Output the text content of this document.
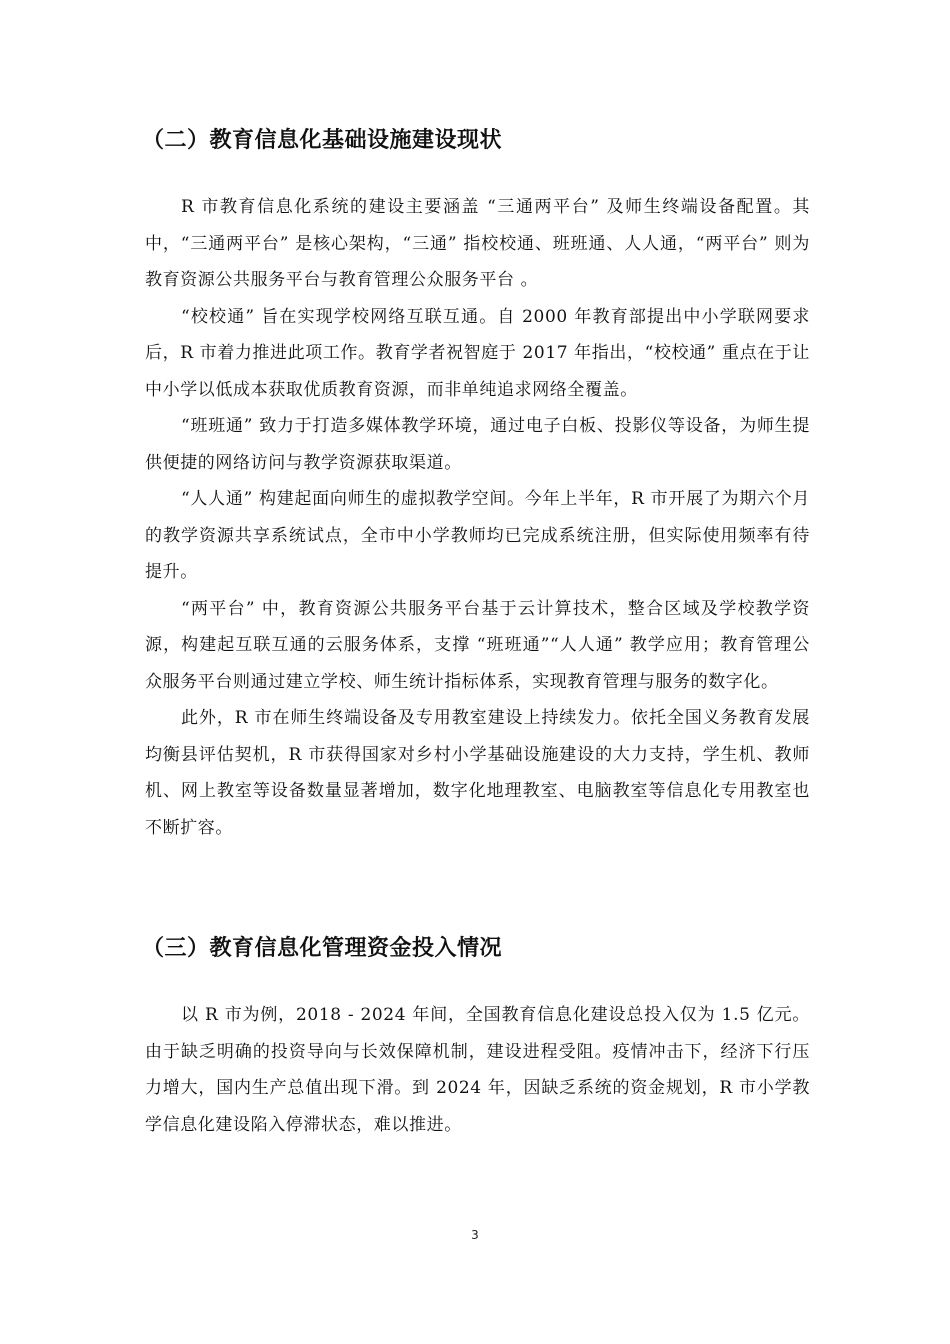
（二）教育信息化基础设施建设现状

R 市教育信息化系统的建设主要涵盖 “三通两平台” 及师生终端设备配置。其中，“三通两平台” 是核心架构，“三通” 指校校通、班班通、人人通，“两平台” 则为教育资源公共服务平台与教育管理公众服务平台 。

“校校通” 旨在实现学校网络互联互通。自 2000 年教育部提出中小学联网要求后，R 市着力推进此项工作。教育学者祝智庭于 2017 年指出，“校校通” 重点在于让中小学以低成本获取优质教育资源，而非单纯追求网络全覆盖。

“班班通” 致力于打造多媒体教学环境，通过电子白板、投影仪等设备，为师生提供便捷的网络访问与教学资源获取渠道。

“人人通” 构建起面向师生的虚拟教学空间。今年上半年，R 市开展了为期六个月的教学资源共享系统试点，全市中小学教师均已完成系统注册，但实际使用频率有待提升。

“两平台” 中，教育资源公共服务平台基于云计算技术，整合区域及学校教学资源，构建起互联互通的云服务体系，支撑 “班班通”“人人通” 教学应用；教育管理公众服务平台则通过建立学校、师生统计指标体系，实现教育管理与服务的数字化。

此外，R 市在师生终端设备及专用教室建设上持续发力。依托全国义务教育发展均衡县评估契机，R 市获得国家对乡村小学基础设施建设的大力支持，学生机、教师机、网上教室等设备数量显著增加，数字化地理教室、电脑教室等信息化专用教室也不断扩容。

（三）教育信息化管理资金投入情况

以 R 市为例，2018 - 2024 年间，全国教育信息化建设总投入仅为 1.5 亿元。由于缺乏明确的投资导向与长效保障机制，建设进程受阻。疫情冲击下，经济下行压力增大，国内生产总值出现下滑。到 2024 年，因缺乏系统的资金规划，R 市小学教学信息化建设陷入停滞状态，难以推进。

3
